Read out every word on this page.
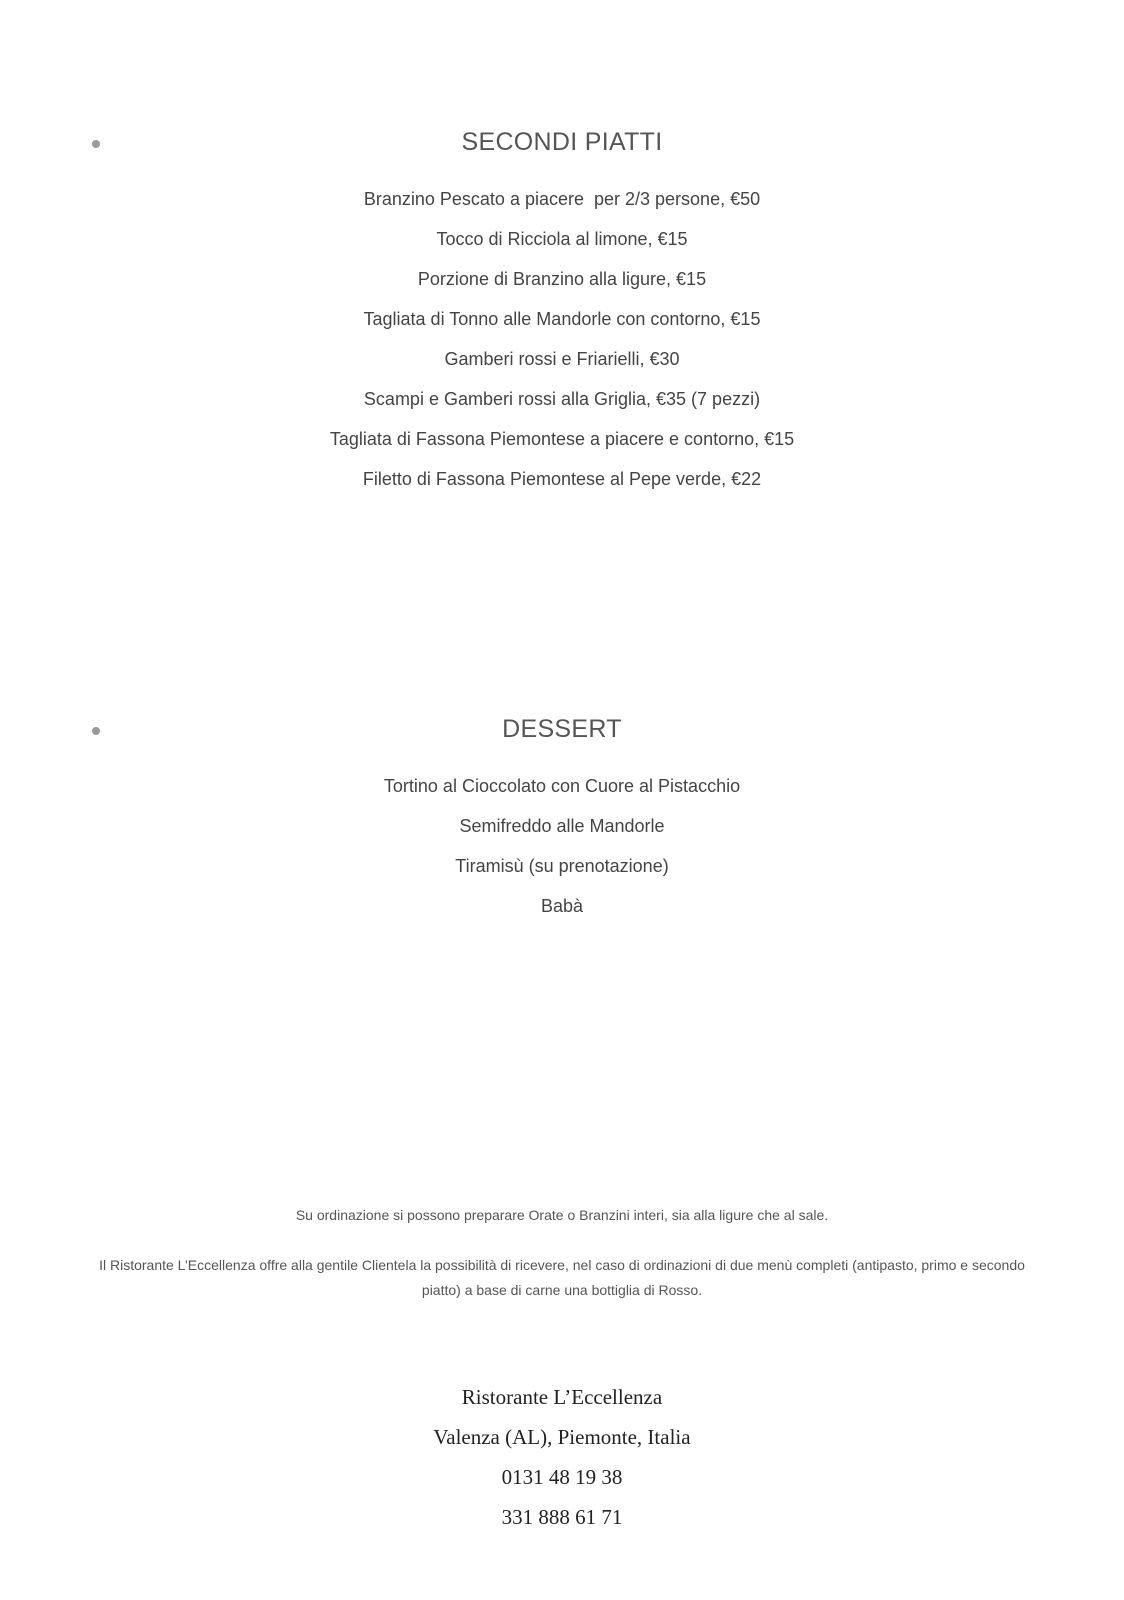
SECONDI PIATTI
Branzino Pescato a piacere  per 2/3 persone, €50
Tocco di Ricciola al limone, €15
Porzione di Branzino alla ligure, €15
Tagliata di Tonno alle Mandorle con contorno, €15
Gamberi rossi e Friarielli, €30
Scampi e Gamberi rossi alla Griglia, €35 (7 pezzi)
Tagliata di Fassona Piemontese a piacere e contorno, €15
Filetto di Fassona Piemontese al Pepe verde, €22
DESSERT
Tortino al Cioccolato con Cuore al Pistacchio
Semifreddo alle Mandorle
Tiramisù (su prenotazione)
Babà

Su ordinazione si possono preparare Orate o Branzini interi, sia alla ligure che al sale.

Il Ristorante L’Eccellenza offre alla gentile Clientela la possibilità di ricevere, nel caso di ordinazioni di due menù completi (antipasto, primo e secondo piatto) a base di carne una bottiglia di Rosso.

Ristorante L’Eccellenza
Valenza (AL), Piemonte, Italia
0131 48 19 38
331 888 61 71
